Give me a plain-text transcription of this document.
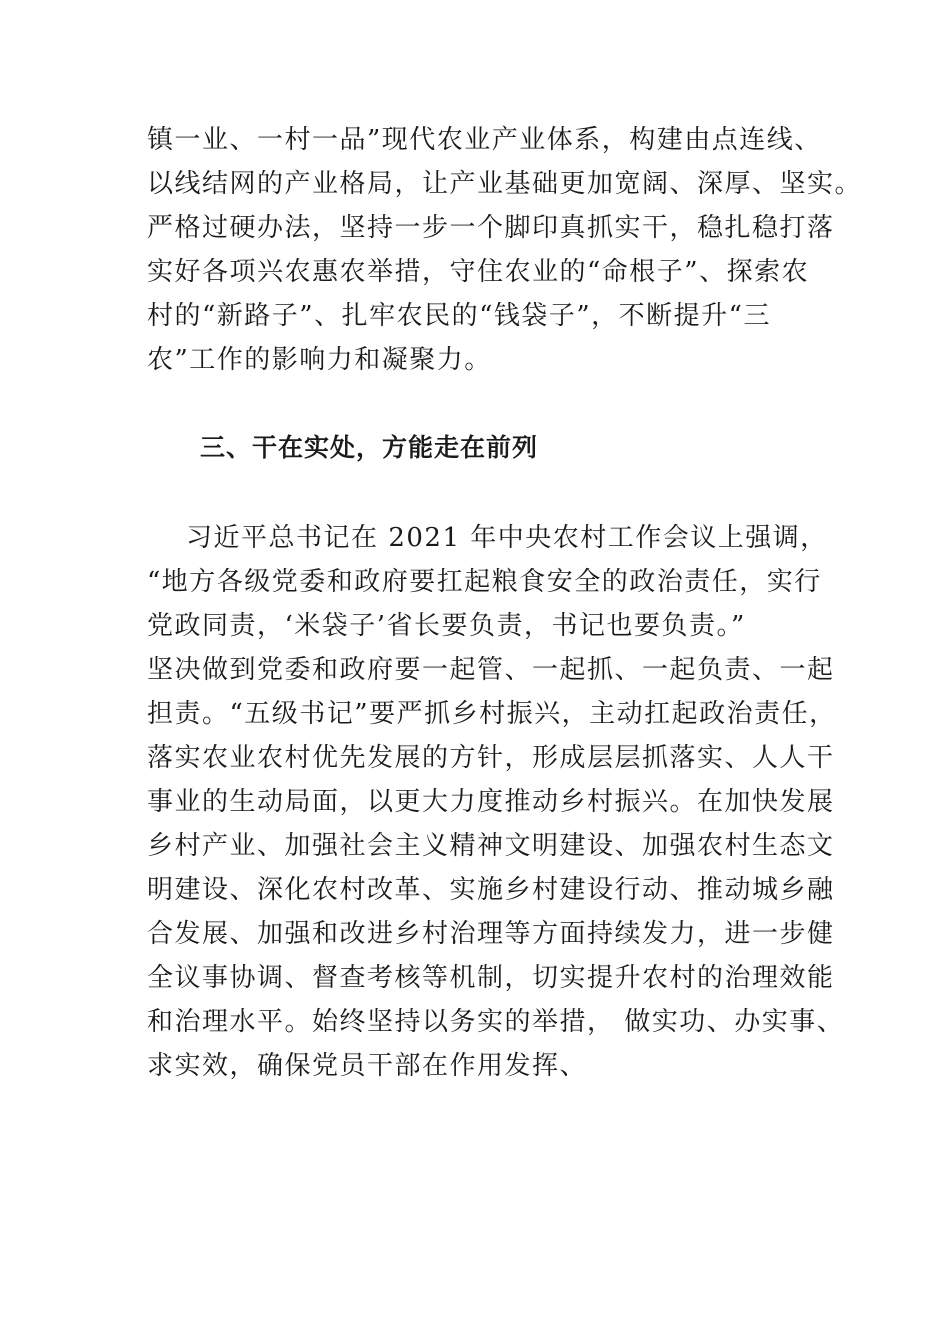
镇一业、一村一品”现代农业产业体系，构建由点连线、
以线结网的产业格局，让产业基础更加宽阔、深厚、坚实。
严格过硬办法，坚持一步一个脚印真抓实干，稳扎稳打落
实好各项兴农惠农举措，守住农业的“命根子”、探索农
村的“新路子”、扎牢农民的“钱袋子”，不断提升“三
农”工作的影响力和凝聚力。
三、干在实处，方能走在前列
习近平总书记在 2021 年中央农村工作会议上强调，
“地方各级党委和政府要扛起粮食安全的政治责任，实行
党政同责，‘米袋子’省长要负责，书记也要负责。”
坚决做到党委和政府要一起管、一起抓、一起负责、一起
担责。“五级书记”要严抓乡村振兴，主动扛起政治责任，
落实农业农村优先发展的方针，形成层层抓落实、人人干
事业的生动局面，以更大力度推动乡村振兴。在加快发展
乡村产业、加强社会主义精神文明建设、加强农村生态文
明建设、深化农村改革、实施乡村建设行动、推动城乡融
合发展、加强和改进乡村治理等方面持续发力，进一步健
全议事协调、督查考核等机制，切实提升农村的治理效能
和治理水平。始终坚持以务实的举措， 做实功、办实事、
求实效，确保党员干部在作用发挥、
